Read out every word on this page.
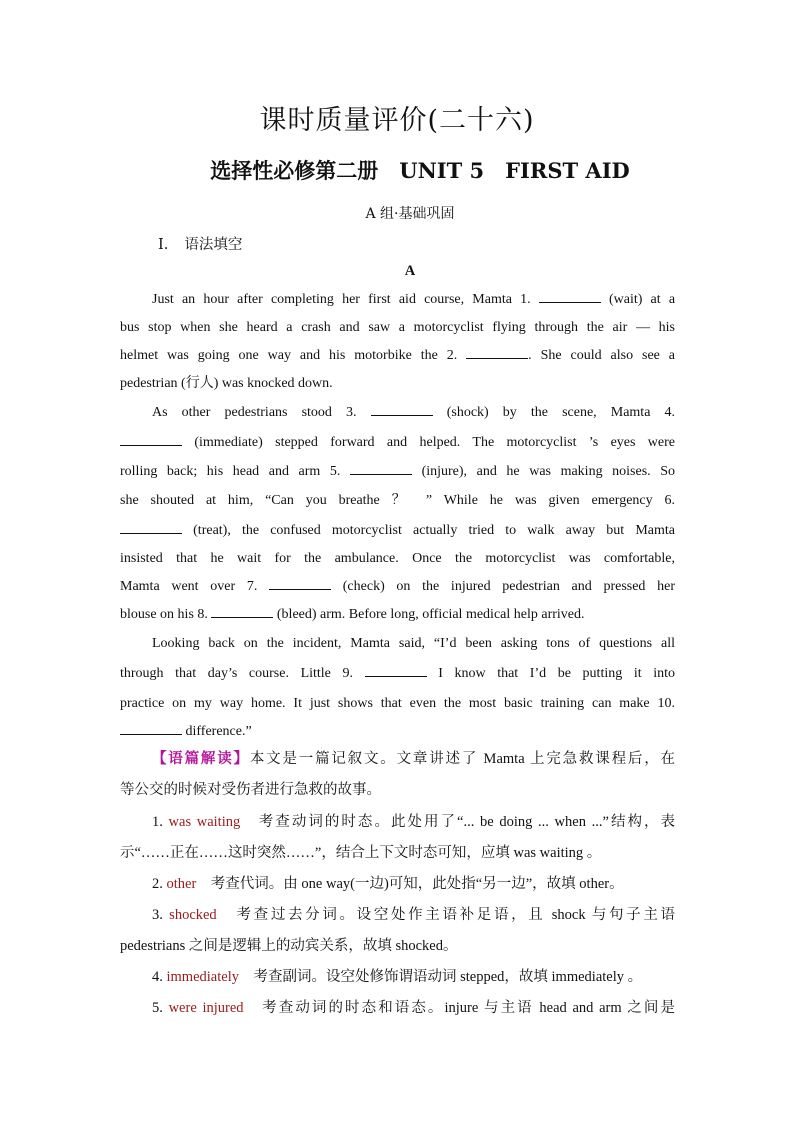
课时质量评价(二十六)
选择性必修第二册　UNIT 5　FIRST AID
A 组·基础巩固
Ⅰ. 语法填空
A
Just an hour after completing her first aid course, Mamta 1.	(wait) at a
bus stop when she heard a crash and saw a motorcyclist flying through the air — his
helmet was going one way and his motorbike the 2.	. She could also see a
pedestrian (行人) was knocked down.
As other pedestrians stood 3.	(shock) by the scene, Mamta 4.
(immediate) stepped forward and helped. The motorcyclist ’s eyes were
rolling back; his head and arm 5.	(injure), and he was making noises. So
she shouted at him, “Can you breathe ？ ” While he was given emergency 6.
(treat), the confused motorcyclist actually tried to walk away but Mamta
insisted that he wait for the ambulance. Once the motorcyclist was comfortable,
Mamta went over 7.	(check) on the injured pedestrian and pressed her
blouse on his 8.	(bleed) arm. Before long, official medical help arrived.
Looking back on the incident, Mamta said, “I’d been asking tons of questions all
through that day’s course. Little 9.	I know that I’d be putting it into
practice on my way home. It just shows that even the most basic training can make 10.
difference.”
【语篇解读】本文是一篇记叙文。文章讲述了 Mamta 上完急救课程后，在
等公交的时候对受伤者进行急救的故事。
1. was waiting　考查动词的时态。此处用了“... be doing ... when ...”结构，表
示“……正在……这时突然……”，结合上下文时态可知，应填 was waiting 。
2. other　考查代词。由 one way(一边)可知，此处指“另一边”，故填 other。
3. shocked　考查过去分词。设空处作主语补足语，且 shock 与句子主语
pedestrians 之间是逻辑上的动宾关系，故填 shocked。
4. immediately　考查副词。设空处修饰谓语动词 stepped，故填 immediately 。
5. were injured　考查动词的时态和语态。injure 与主语 head and arm 之间是
